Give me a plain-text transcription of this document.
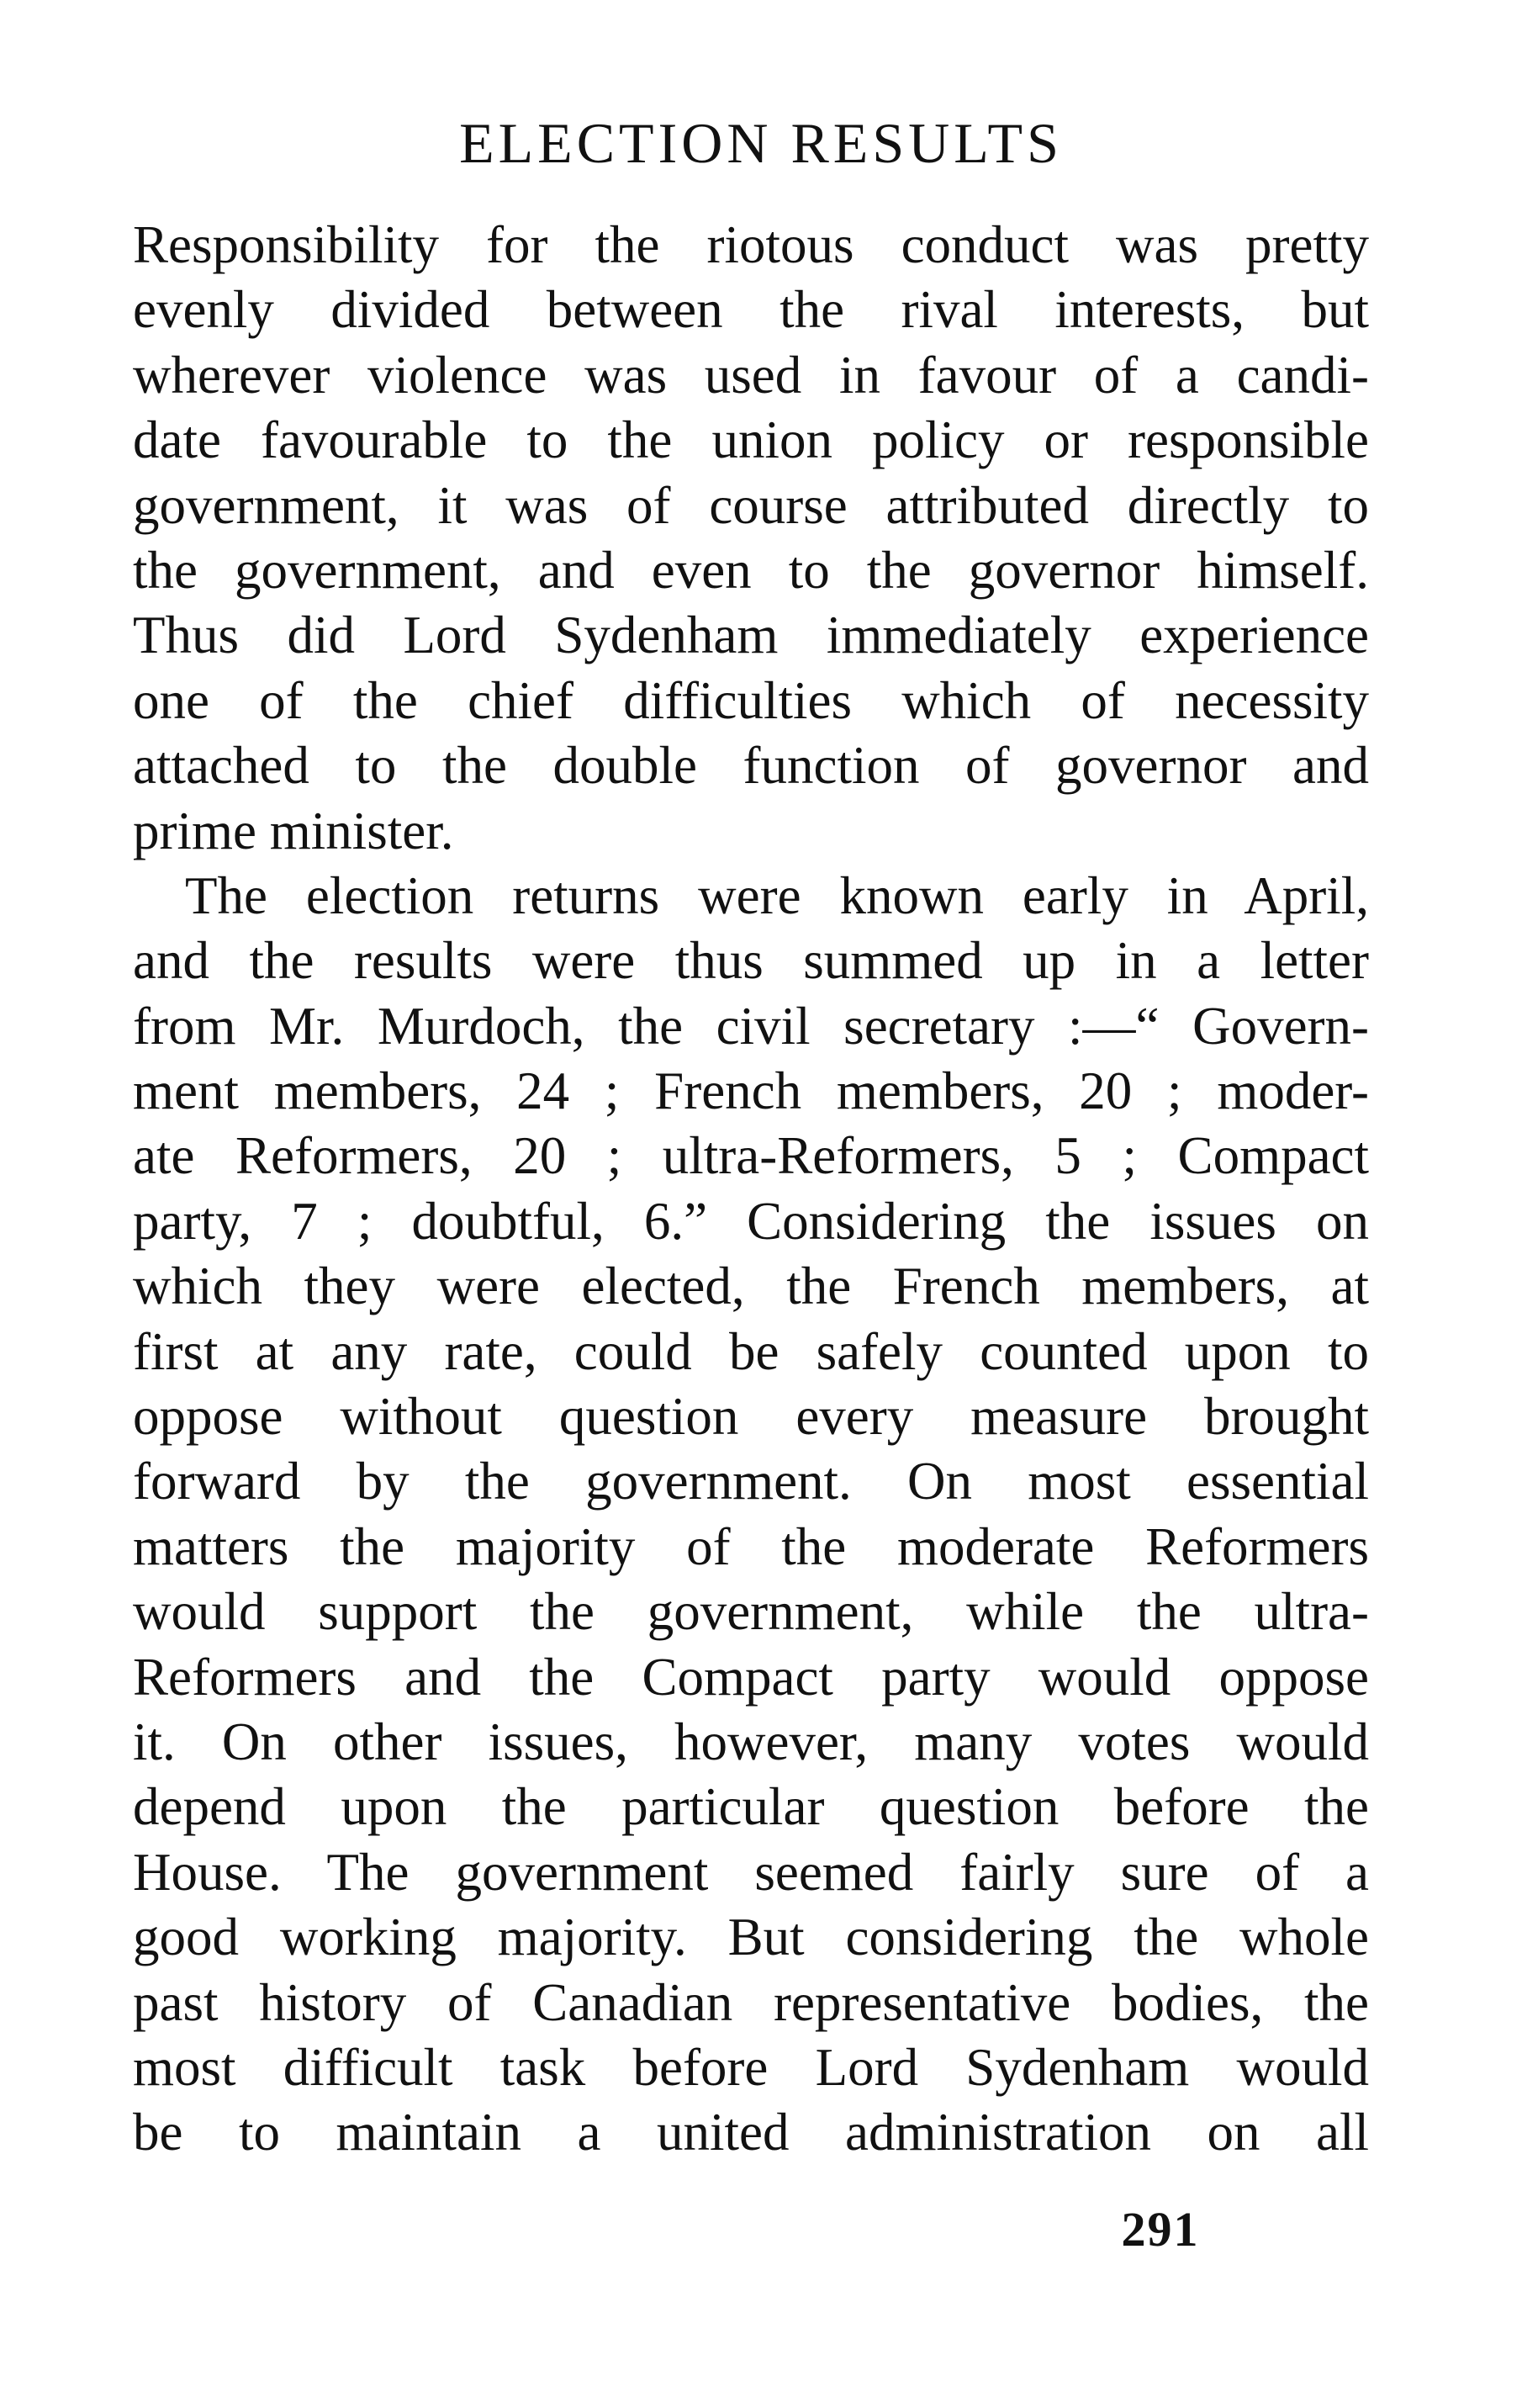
ELECTION RESULTS
Responsibility for the riotous conduct was pretty
evenly divided between the rival interests, but
wherever violence was used in favour of a candi-
date favourable to the union policy or responsible
government, it was of course attributed directly to
the government, and even to the governor himself.
Thus did Lord Sydenham immediately experience
one of the chief difficulties which of necessity
attached to the double function of governor and
prime minister.
The election returns were known early in April,
and the results were thus summed up in a letter
from Mr. Murdoch, the civil secretary :—“ Govern-
ment members, 24 ; French members, 20 ; moder-
ate Reformers, 20 ; ultra-Reformers, 5 ; Compact
party, 7 ; doubtful, 6.” Considering the issues on
which they were elected, the French members, at
first at any rate, could be safely counted upon to
oppose without question every measure brought
forward by the government. On most essential
matters the majority of the moderate Reformers
would support the government, while the ultra-
Reformers and the Compact party would oppose
it. On other issues, however, many votes would
depend upon the particular question before the
House. The government seemed fairly sure of a
good working majority. But considering the whole
past history of Canadian representative bodies, the
most difficult task before Lord Sydenham would
be to maintain a united administration on all
291
